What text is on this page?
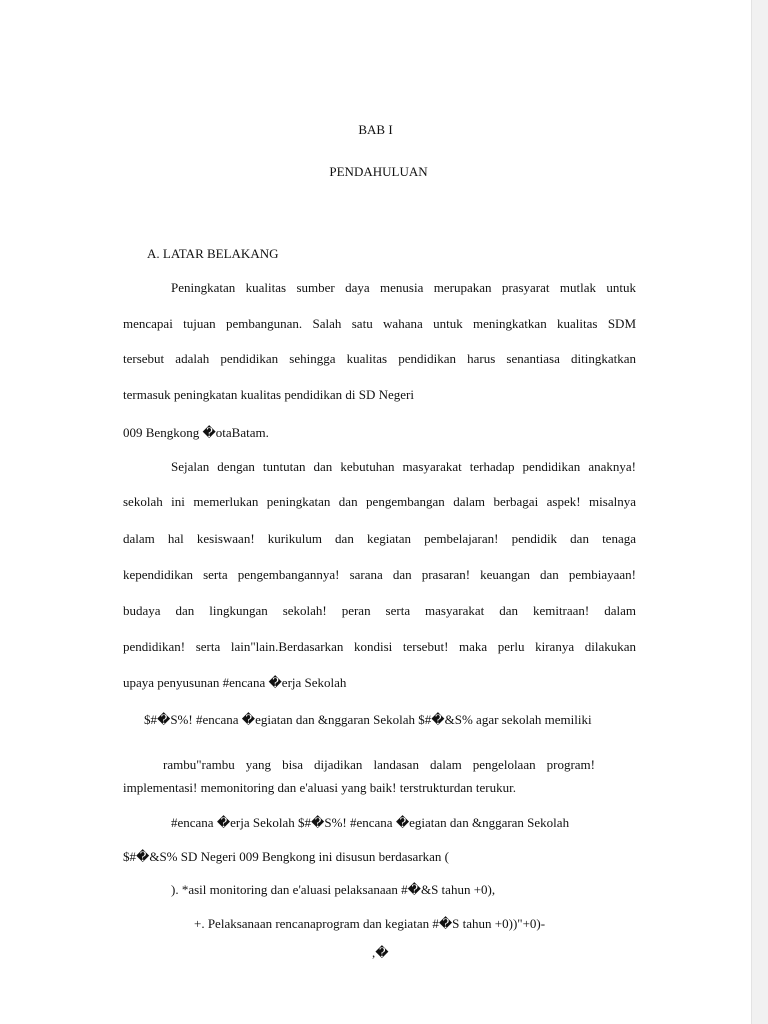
BAB I
PENDAHULUAN
A. LATAR BELAKANG
Peningkatan kualitas sumber daya menusia merupakan prasyarat mutlak untuk
mencapai tujuan pembangunan. Salah satu wahana untuk meningkatkan kualitas SDM
tersebut adalah pendidikan sehingga kualitas pendidikan harus senantiasa ditingkatkan
termasuk peningkatan kualitas pendidikan di SD Negeri
009 Bengkong �otaBatam.
Sejalan dengan tuntutan dan kebutuhan masyarakat terhadap pendidikan anaknya!
sekolah ini memerlukan peningkatan dan pengembangan dalam berbagai aspek! misalnya
dalam hal kesiswaan! kurikulum dan kegiatan pembelajaran! pendidik dan tenaga
kependidikan serta pengembangannya! sarana dan prasaran! keuangan dan pembiayaan!
budaya dan lingkungan sekolah! peran serta masyarakat dan kemitraan! dalam
pendidikan! serta lain"lain.Berdasarkan kondisi tersebut! maka perlu kiranya dilakukan
upaya penyusunan #encana �erja Sekolah
$#�S%! #encana �egiatan dan &nggaran Sekolah $#�&S% agar sekolah memiliki
rambu"rambu yang bisa dijadikan landasan dalam pengelolaan program!
implementasi! memonitoring dan e'aluasi yang baik! terstrukturdan terukur.
#encana �erja Sekolah $#�S%! #encana �egiatan dan &nggaran Sekolah
$#�&S% SD Negeri 009 Bengkong ini disusun berdasarkan (
). *asil monitoring dan e'aluasi pelaksanaan #�&S tahun +0),
+. Pelaksanaan rencanaprogram dan kegiatan #�S tahun +0))"+0)-
,�
